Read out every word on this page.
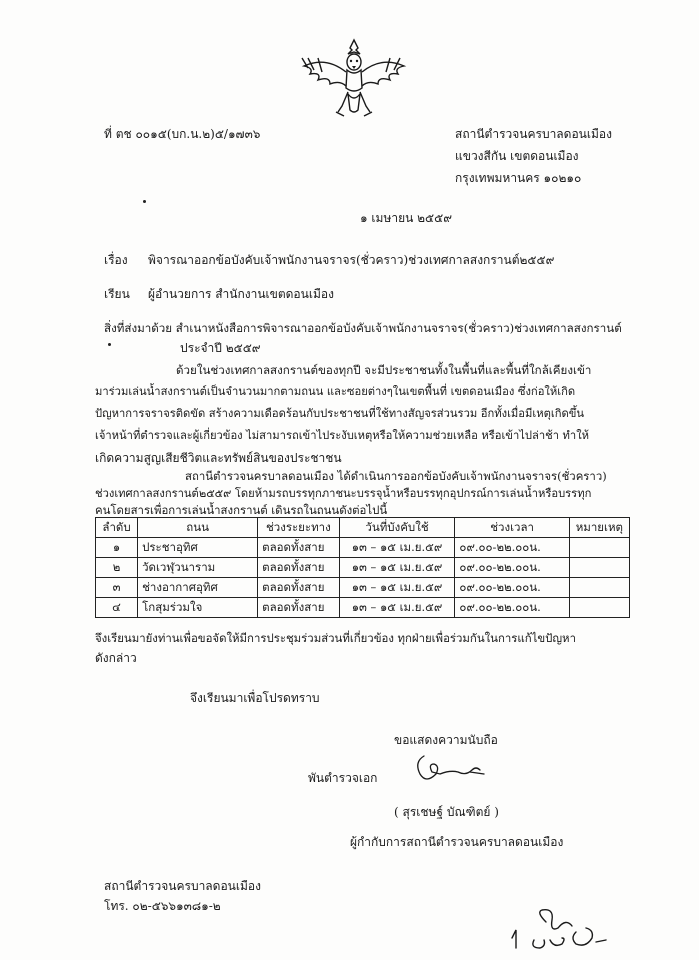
ที่ ตช ๐๐๑๕(บก.น.๒)๕/๑๗๓๖	สถานีตำรวจนครบาลดอนเมือง
แขวงสีกัน เขตดอนเมือง
กรุงเทพมหานคร ๑๐๒๑๐
๑ เมษายน ๒๕๕๙
เรื่อง พิจารณาออกข้อบังคับเจ้าพนักงานจราจร(ชั่วคราว)ช่วงเทศกาลสงกรานต์๒๕๕๙
เรียน ผู้อำนวยการ สำนักงานเขตดอนเมือง
สิ่งที่ส่งมาด้วย สำเนาหนังสือการพิจารณาออกข้อบังคับเจ้าพนักงานจราจร(ชั่วคราว)ช่วงเทศกาลสงกรานต์
ประจำปี ๒๕๕๙
ด้วยในช่วงเทศกาลสงกรานต์ของทุกปี จะมีประชาชนทั้งในพื้นที่และพื้นที่ใกล้เคียงเข้า
มาร่วมเล่นน้ำสงกรานต์เป็นจำนวนมากตามถนน และซอยต่างๆในเขตพื้นที่ เขตดอนเมือง ซึ่งก่อให้เกิด
ปัญหาการจราจรติดขัด สร้างความเดือดร้อนกับประชาชนที่ใช้ทางสัญจรส่วนรวม อีกทั้งเมื่อมีเหตุเกิดขึ้น
เจ้าหน้าที่ตำรวจและผู้เกี่ยวข้อง ไม่สามารถเข้าไประงับเหตุหรือให้ความช่วยเหลือ หรือเข้าไปล่าช้า ทำให้
เกิดความสูญเสียชีวิตและทรัพย์สินของประชาชน
สถานีตำรวจนครบาลดอนเมือง ได้ดำเนินการออกข้อบังคับเจ้าพนักงานจราจร(ชั่วคราว)
ช่วงเทศกาลสงกรานต์๒๕๕๙ โดยห้ามรถบรรทุกภาชนะบรรจุน้ำหรือบรรทุกอุปกรณ์การเล่นน้ำหรือบรรทุก
คนโดยสารเพื่อการเล่นน้ำสงกรานต์ เดินรถในถนนดังต่อไปนี้
ลำดับ	ถนน	ช่วงระยะทาง	วันที่บังคับใช้	ช่วงเวลา	หมายเหตุ
๑	ประชาอุทิศ	ตลอดทั้งสาย	๑๓ – ๑๕ เม.ย.๕๙	๐๙.๐๐-๒๒.๐๐น.	
๒	วัดเวฬุวนาราม	ตลอดทั้งสาย	๑๓ – ๑๕ เม.ย.๕๙	๐๙.๐๐-๒๒.๐๐น.	
๓	ช่างอากาศอุทิศ	ตลอดทั้งสาย	๑๓ – ๑๕ เม.ย.๕๙	๐๙.๐๐-๒๒.๐๐น.	
๔	โกสุมร่วมใจ	ตลอดทั้งสาย	๑๓ – ๑๕ เม.ย.๕๙	๐๙.๐๐-๒๒.๐๐น.	
จึงเรียนมายังท่านเพื่อขอจัดให้มีการประชุมร่วมส่วนที่เกี่ยวข้อง ทุกฝ่ายเพื่อร่วมกันในการแก้ไขปัญหา
ดังกล่าว
จึงเรียนมาเพื่อโปรดทราบ
ขอแสดงความนับถือ
พันตำรวจเอก
( สุรเชษฐ์ บัณฑิตย์ )
ผู้กำกับการสถานีตำรวจนครบาลดอนเมือง
สถานีตำรวจนครบาลดอนเมือง
โทร. ๐๒-๕๖๖๑๓๘๑-๒
